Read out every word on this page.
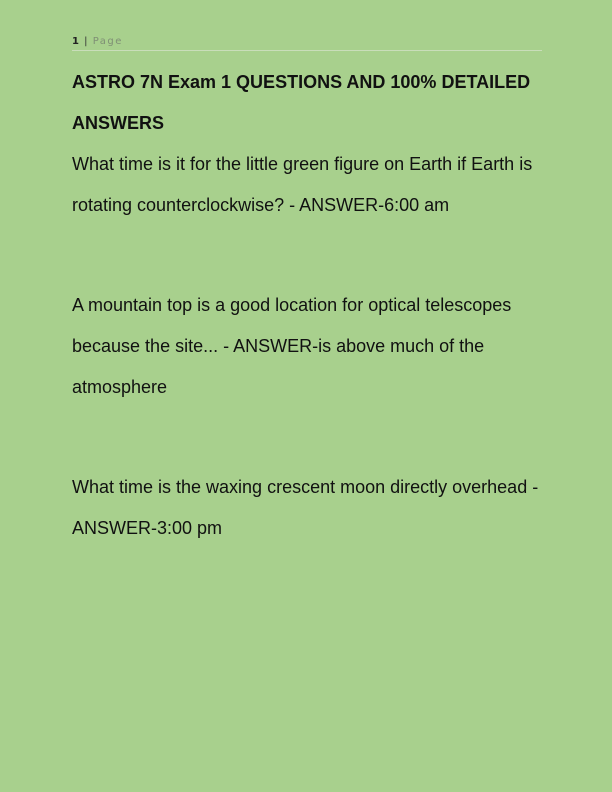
1 | Page

ASTRO 7N Exam 1 QUESTIONS AND 100% DETAILED ANSWERS

What time is it for the little green figure on Earth if Earth is rotating counterclockwise? - ANSWER-6:00 am

A mountain top is a good location for optical telescopes because the site... - ANSWER-is above much of the atmosphere

What time is the waxing crescent moon directly overhead - ANSWER-3:00 pm
